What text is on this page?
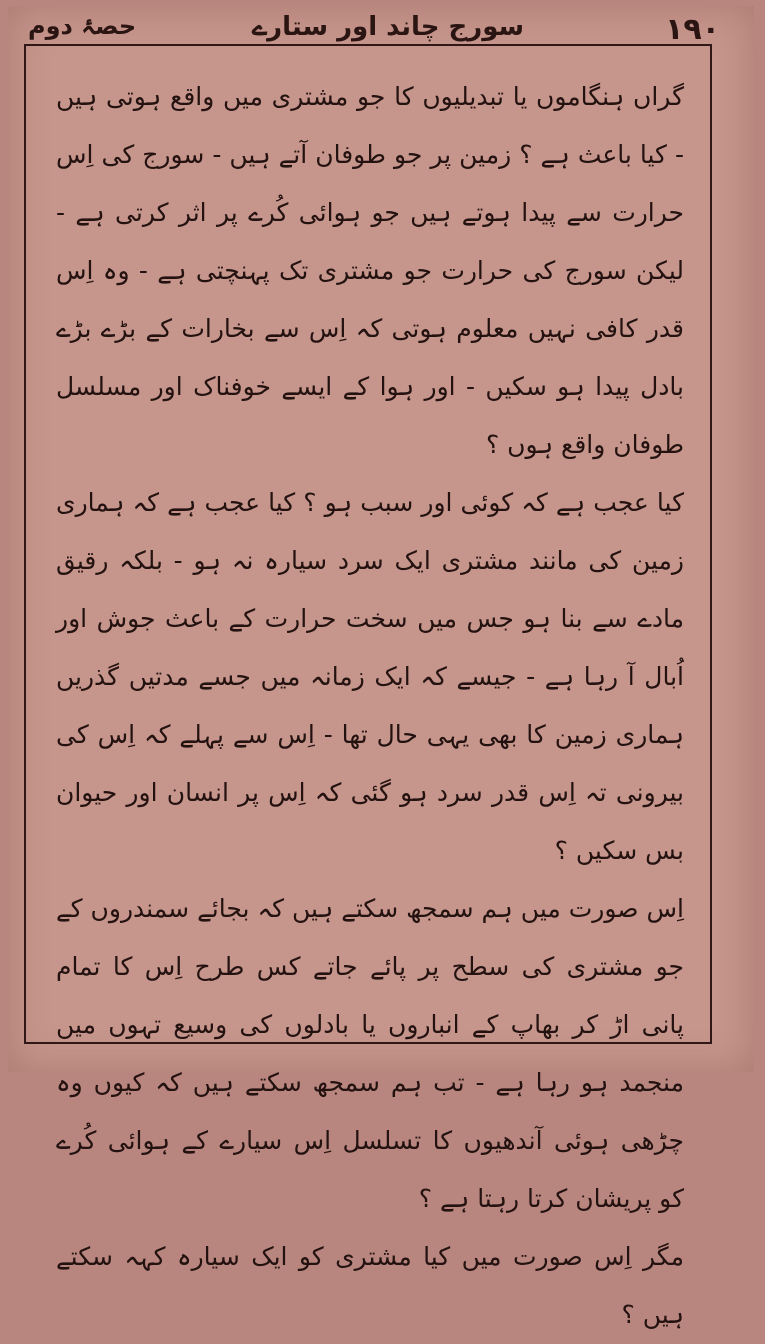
١٩٠
سورج چاند اور ستارے
حصۂ دوم

گراں ہنگاموں یا تبدیلیوں کا جو مشتری میں واقع ہوتی ہیں - کیا باعث ہے ؟ زمین پر جو طوفان آتے ہیں - سورج کی اِس حرارت سے پیدا ہوتے ہیں جو ہوائی کُرے پر اثر کرتی ہے - لیکن سورج کی حرارت جو مشتری تک پہنچتی ہے - وہ اِس قدر کافی نہیں معلوم ہوتی کہ اِس سے بخارات کے بڑے بڑے بادل پیدا ہو سکیں - اور ہوا کے ایسے خوفناک اور مسلسل طوفان واقع ہوں ؟

کیا عجب ہے کہ کوئی اور سبب ہو ؟ کیا عجب ہے کہ ہماری زمین کی مانند مشتری ایک سرد سیارہ نہ ہو - بلکہ رقیق مادے سے بنا ہو جس میں سخت حرارت کے باعث جوش اور اُبال آ رہا ہے - جیسے کہ ایک زمانہ میں جسے مدتیں گذریں ہماری زمین کا بھی یہی حال تھا - اِس سے پہلے کہ اِس کی بیرونی تہ اِس قدر سرد ہو گئی کہ اِس پر انسان اور حیوان بس سکیں ؟

اِس صورت میں ہم سمجھ سکتے ہیں کہ بجائے سمندروں کے جو مشتری کی سطح پر پائے جاتے کس طرح اِس کا تمام پانی اڑ کر بھاپ کے انباروں یا بادلوں کی وسیع تہوں میں منجمد ہو رہا ہے - تب ہم سمجھ سکتے ہیں کہ کیوں وہ چڑھی ہوئی آندھیوں کا تسلسل اِس سیارے کے ہوائی کُرے کو پریشان کرتا رہتا ہے ؟

مگر اِس صورت میں کیا مشتری کو ایک سیارہ کہہ سکتے ہیں ؟
